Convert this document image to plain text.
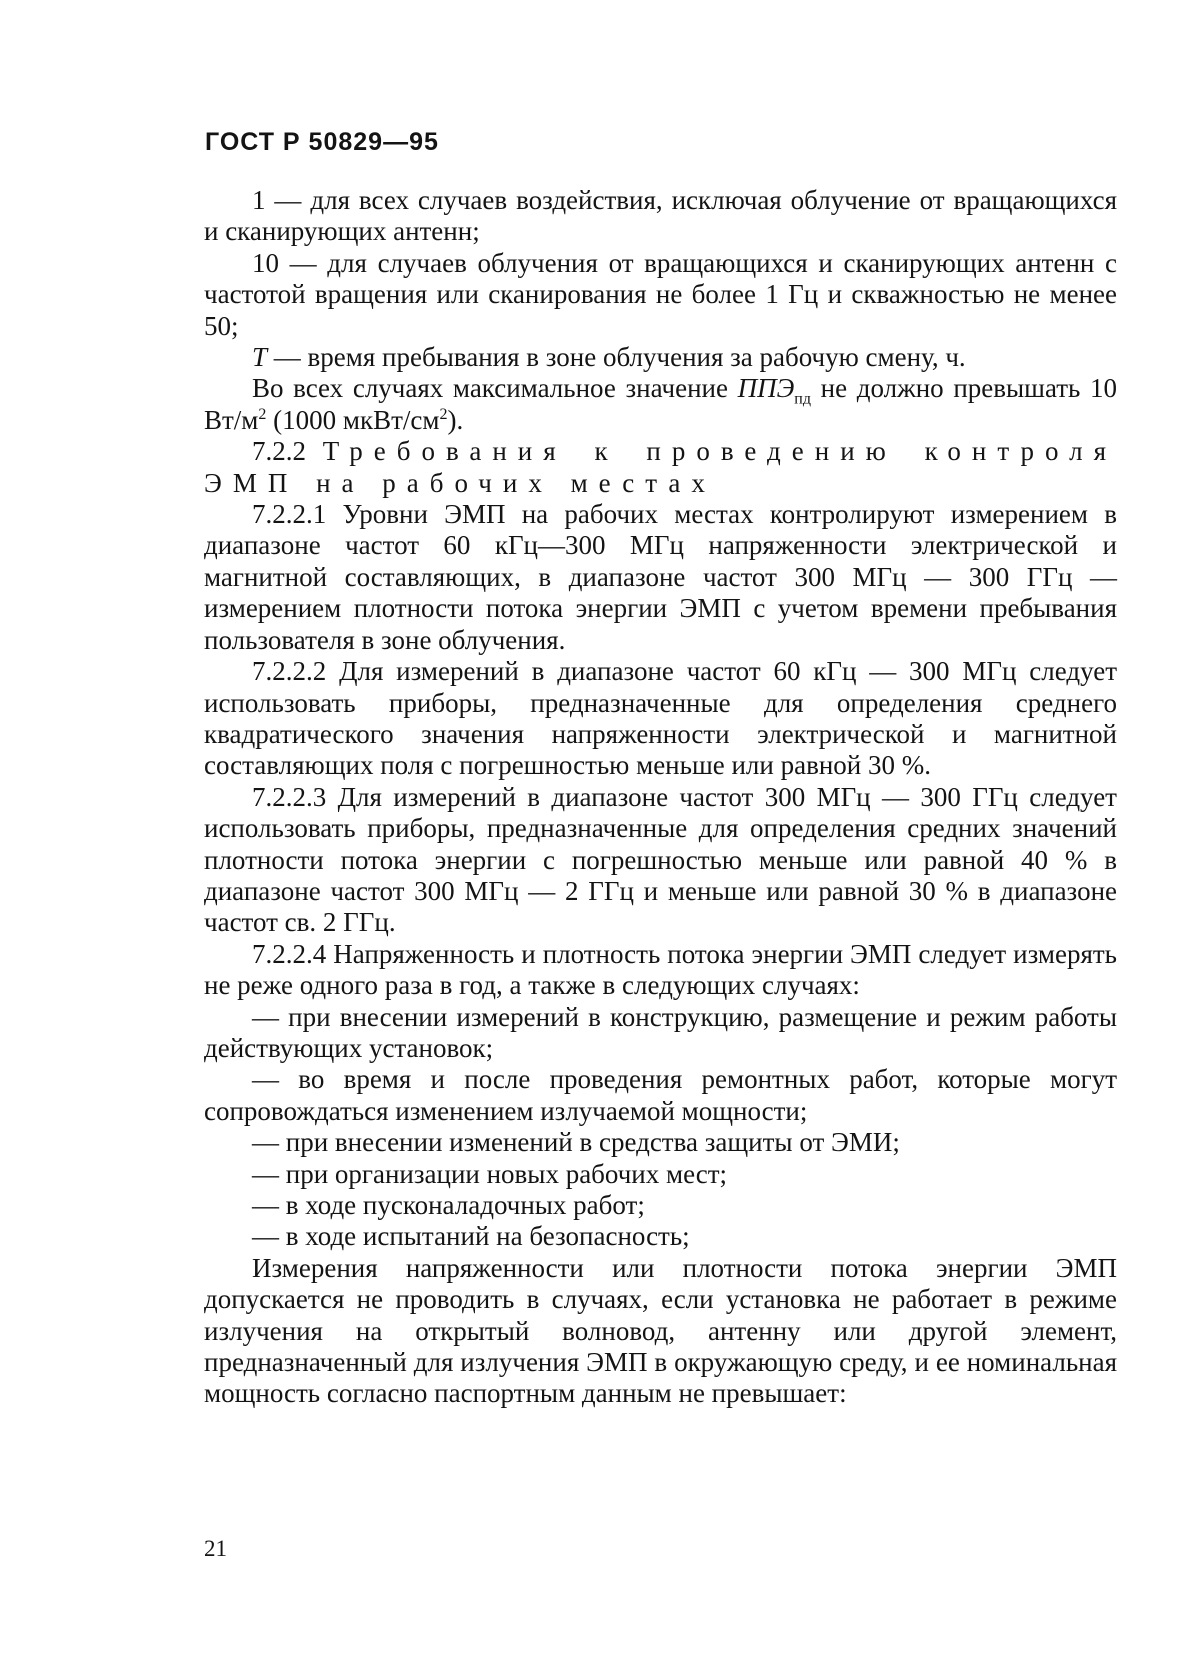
ГОСТ Р 50829—95

1 — для всех случаев воздействия, исключая облучение от вращающихся и сканирующих антенн;

10 — для случаев облучения от вращающихся и сканирующих антенн с частотой вращения или сканирования не более 1 Гц и скважностью не менее 50;

Т — время пребывания в зоне облучения за рабочую смену, ч.

Во всех случаях максимальное значение $ППЭ_{пд}$ не должно превышать 10 $Вт/м^2$ (1000 мкВт/$см^2$).

7.2.2 Требования к проведению контроля ЭМП на рабочих местах

7.2.2.1 Уровни ЭМП на рабочих местах контролируют измерением в диапазоне частот 60 кГц—300 МГц напряженности электрической и магнитной составляющих, в диапазоне частот 300 МГц — 300 ГГц — измерением плотности потока энергии ЭМП с учетом времени пребывания пользователя в зоне облучения.

7.2.2.2 Для измерений в диапазоне частот 60 кГц — 300 МГц следует использовать приборы, предназначенные для определения среднего квадратического значения напряженности электрической и магнитной составляющих поля с погрешностью меньше или равной 30 %.

7.2.2.3 Для измерений в диапазоне частот 300 МГц — 300 ГГц следует использовать приборы, предназначенные для определения средних значений плотности потока энергии с погрешностью меньше или равной 40 % в диапазоне частот 300 МГц — 2 ГГц и меньше или равной 30 % в диапазоне частот св. 2 ГГц.

7.2.2.4 Напряженность и плотность потока энергии ЭМП следует измерять не реже одного раза в год, а также в следующих случаях:

— при внесении измерений в конструкцию, размещение и режим работы действующих установок;

— во время и после проведения ремонтных работ, которые могут сопровождаться изменением излучаемой мощности;

— при внесении изменений в средства защиты от ЭМИ;

— при организации новых рабочих мест;

— в ходе пусконаладочных работ;

— в ходе испытаний на безопасность;

Измерения напряженности или плотности потока энергии ЭМП допускается не проводить в случаях, если установка не работает в режиме излучения на открытый волновод, антенну или другой элемент, предназначенный для излучения ЭМП в окружающую среду, и ее номинальная мощность согласно паспортным данным не превышает:

21
